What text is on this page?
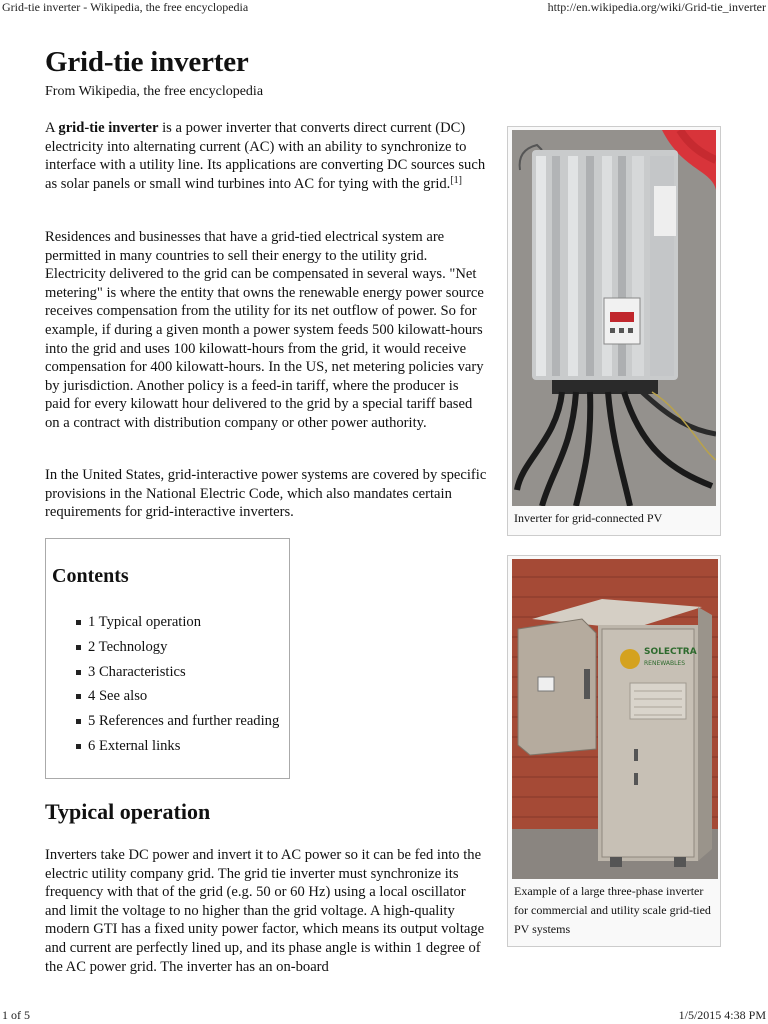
Grid-tie inverter - Wikipedia, the free encyclopedia	http://en.wikipedia.org/wiki/Grid-tie_inverter
Grid-tie inverter
From Wikipedia, the free encyclopedia

A grid-tie inverter is a power inverter that converts direct current (DC) electricity into alternating current (AC) with an ability to synchronize to interface with a utility line. Its applications are converting DC sources such as solar panels or small wind turbines into AC for tying with the grid.[1]

Residences and businesses that have a grid-tied electrical system are permitted in many countries to sell their energy to the utility grid. Electricity delivered to the grid can be compensated in several ways. "Net metering" is where the entity that owns the renewable energy power source receives compensation from the utility for its net outflow of power. So for example, if during a given month a power system feeds 500 kilowatt-hours into the grid and uses 100 kilowatt-hours from the grid, it would receive compensation for 400 kilowatt-hours. In the US, net metering policies vary by jurisdiction. Another policy is a feed-in tariff, where the producer is paid for every kilowatt hour delivered to the grid by a special tariff based on a contract with distribution company or other power authority.

In the United States, grid-interactive power systems are covered by specific provisions in the National Electric Code, which also mandates certain requirements for grid-interactive inverters.

Contents
1 Typical operation
2 Technology
3 Characteristics
4 See also
5 References and further reading
6 External links
Typical operation

Inverters take DC power and invert it to AC power so it can be fed into the electric utility company grid. The grid tie inverter must synchronize its frequency with that of the grid (e.g. 50 or 60 Hz) using a local oscillator and limit the voltage to no higher than the grid voltage. A high-quality modern GTI has a fixed unity power factor, which means its output voltage and current are perfectly lined up, and its phase angle is within 1 degree of the AC power grid. The inverter has an on-board

Inverter for grid-connected PV
SOLECTRA
RENEWABLES
Example of a large three-phase inverter for commercial and utility scale grid-tied PV systems
1 of 5	1/5/2015 4:38 PM
